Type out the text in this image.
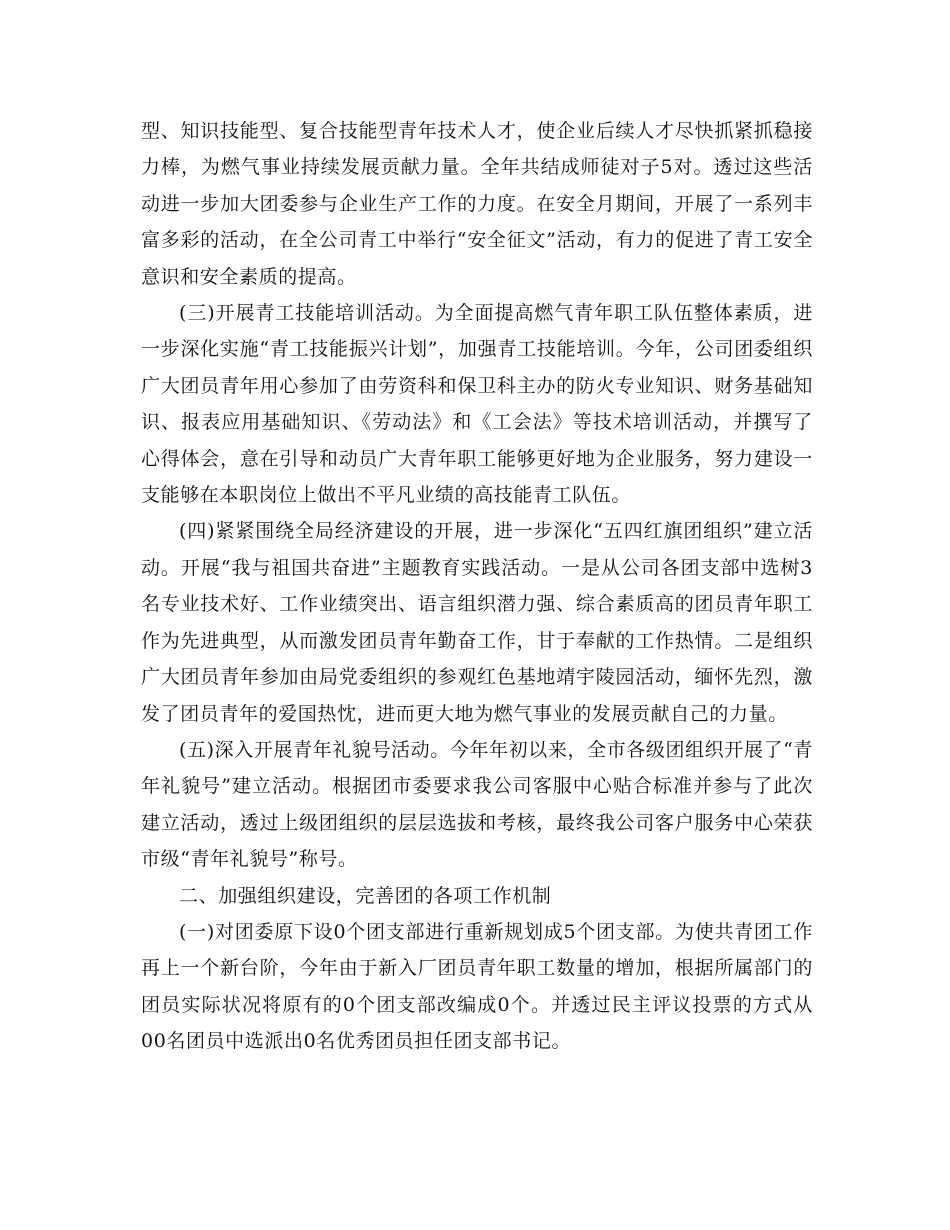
型、知识技能型、复合技能型青年技术人才，使企业后续人才尽快抓紧抓稳接力棒，为燃气事业持续发展贡献力量。全年共结成师徒对子5对。透过这些活动进一步加大团委参与企业生产工作的力度。在安全月期间，开展了一系列丰富多彩的活动，在全公司青工中举行“安全征文”活动，有力的促进了青工安全意识和安全素质的提高。

(三)开展青工技能培训活动。为全面提高燃气青年职工队伍整体素质，进一步深化实施“青工技能振兴计划”，加强青工技能培训。今年，公司团委组织广大团员青年用心参加了由劳资科和保卫科主办的防火专业知识、财务基础知识、报表应用基础知识、《劳动法》和《工会法》等技术培训活动，并撰写了心得体会，意在引导和动员广大青年职工能够更好地为企业服务，努力建设一支能够在本职岗位上做出不平凡业绩的高技能青工队伍。

(四)紧紧围绕全局经济建设的开展，进一步深化“五四红旗团组织”建立活动。开展“我与祖国共奋进”主题教育实践活动。一是从公司各团支部中选树3名专业技术好、工作业绩突出、语言组织潜力强、综合素质高的团员青年职工作为先进典型，从而激发团员青年勤奋工作，甘于奉献的工作热情。二是组织广大团员青年参加由局党委组织的参观红色基地靖宇陵园活动，缅怀先烈，激发了团员青年的爱国热忱，进而更大地为燃气事业的发展贡献自己的力量。

(五)深入开展青年礼貌号活动。今年年初以来，全市各级团组织开展了“青年礼貌号”建立活动。根据团市委要求我公司客服中心贴合标准并参与了此次建立活动，透过上级团组织的层层选拔和考核，最终我公司客户服务中心荣获市级“青年礼貌号”称号。

二、加强组织建设，完善团的各项工作机制

(一)对团委原下设0个团支部进行重新规划成5个团支部。为使共青团工作再上一个新台阶，今年由于新入厂团员青年职工数量的增加，根据所属部门的团员实际状况将原有的0个团支部改编成0个。并透过民主评议投票的方式从00名团员中选派出0名优秀团员担任团支部书记。
